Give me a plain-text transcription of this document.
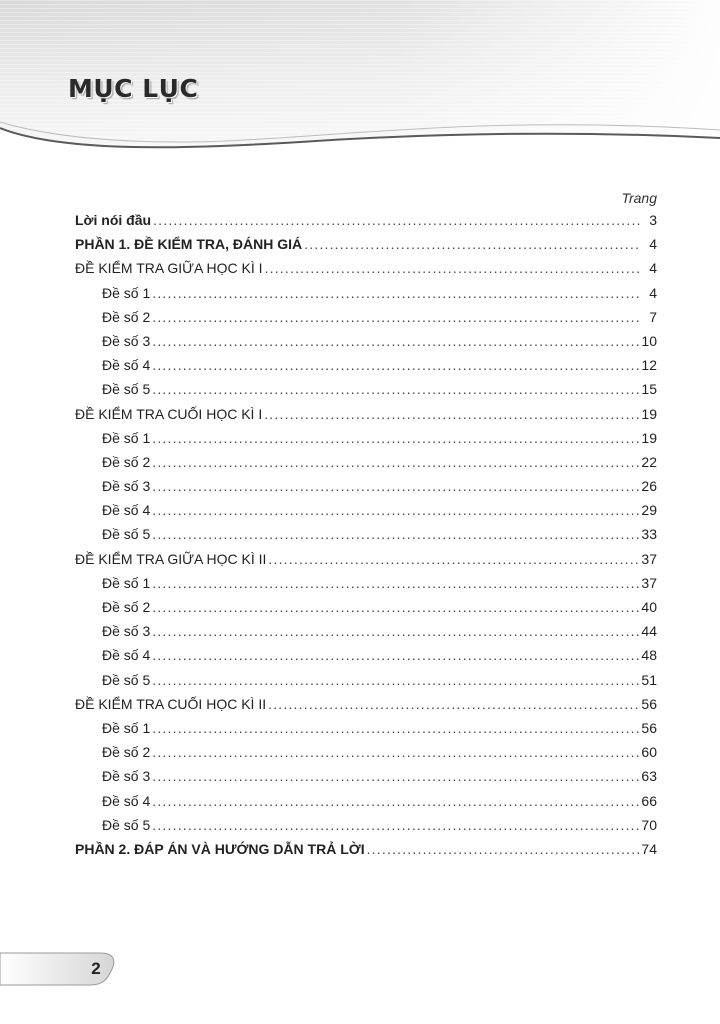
MỤC LỤC
Trang
Lời nói đầu .....	3
PHẦN 1. ĐỀ KIỂM TRA, ĐÁNH GIÁ .....	4
ĐỀ KIỂM TRA GIỮA HỌC KÌ I .....	4
Đề số 1 .....	4
Đề số 2 .....	7
Đề số 3 .....	10
Đề số 4 .....	12
Đề số 5 .....	15
ĐỀ KIỂM TRA CUỐI HỌC KÌ I .....	19
Đề số 1 .....	19
Đề số 2 .....	22
Đề số 3 .....	26
Đề số 4 .....	29
Đề số 5 .....	33
ĐỀ KIỂM TRA GIỮA HỌC KÌ II .....	37
Đề số 1 .....	37
Đề số 2 .....	40
Đề số 3 .....	44
Đề số 4 .....	48
Đề số 5 .....	51
ĐỀ KIỂM TRA CUỐI HỌC KÌ II .....	56
Đề số 1 .....	56
Đề số 2 .....	60
Đề số 3 .....	63
Đề số 4 .....	66
Đề số 5 .....	70
PHẦN 2. ĐÁP ÁN VÀ HƯỚNG DẪN TRẢ LỜI .....	74
2
